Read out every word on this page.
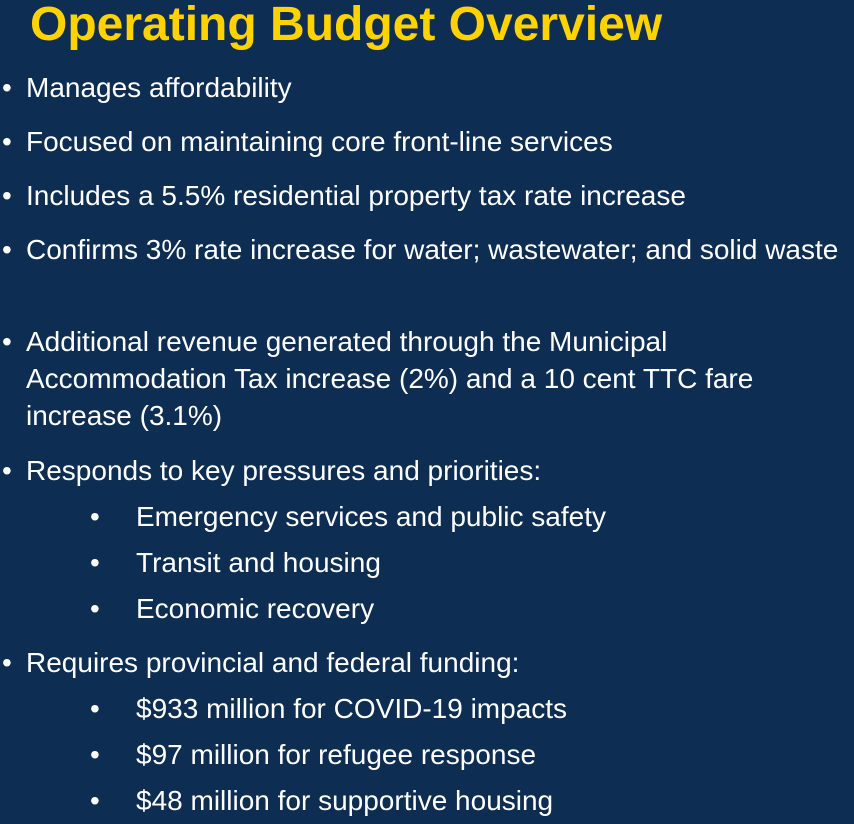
Operating Budget Overview
• Manages affordability
• Focused on maintaining core front-line services
• Includes a 5.5% residential property tax rate increase
• Confirms 3% rate increase for water; wastewater; and solid waste
• Additional revenue generated through the Municipal Accommodation Tax increase (2%) and a 10 cent TTC fare increase (3.1%)
• Responds to key pressures and priorities:
• Emergency services and public safety
• Transit and housing
• Economic recovery
• Requires provincial and federal funding:
• $933 million for COVID-19 impacts
• $97 million for refugee response
• $48 million for supportive housing
